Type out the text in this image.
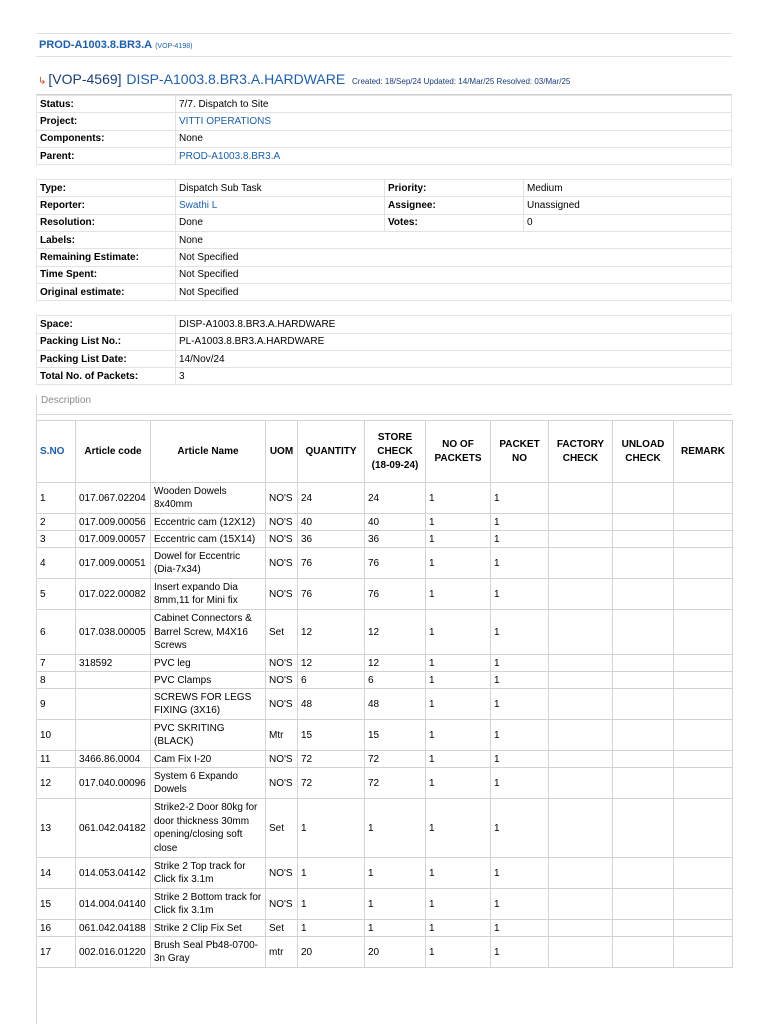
PROD-A1003.8.BR3.A (VOP-4198)
↳ [VOP-4569] DISP-A1003.8.BR3.A.HARDWARE Created: 18/Sep/24 Updated: 14/Mar/25 Resolved: 03/Mar/25
Status:	7/7. Dispatch to Site
Project:	VITTI OPERATIONS
Components:	None
Parent:	PROD-A1003.8.BR3.A
Type:	Dispatch Sub Task	Priority:	Medium
Reporter:	Swathi L	Assignee:	Unassigned
Resolution:	Done	Votes:	0
Labels:	None		
Remaining Estimate:	Not Specified		
Time Spent:	Not Specified		
Original estimate:	Not Specified		
Space:	DISP-A1003.8.BR3.A.HARDWARE
Packing List No.:	PL-A1003.8.BR3.A.HARDWARE
Packing List Date:	14/Nov/24
Total No. of Packets:	3
Description
S.NO	Article code	Article Name	UOM	QUANTITY	STORE CHECK (18-09-24)	NO OF PACKETS	PACKET NO	FACTORY CHECK	UNLOAD CHECK	REMARK
1	017.067.02204	Wooden Dowels 8x40mm	NO'S	24	24	1	1			
2	017.009.00056	Eccentric cam (12X12)	NO'S	40	40	1	1			
3	017.009.00057	Eccentric cam (15X14)	NO'S	36	36	1	1			
4	017.009.00051	Dowel for Eccentric (Dia-7x34)	NO'S	76	76	1	1			
5	017.022.00082	Insert expando Dia 8mm,11 for Mini fix	NO'S	76	76	1	1			
6	017.038.00005	Cabinet Connectors & Barrel Screw, M4X16 Screws	Set	12	12	1	1			
7	318592	PVC leg	NO'S	12	12	1	1			
8		PVC Clamps	NO'S	6	6	1	1			
9		SCREWS FOR LEGS FIXING (3X16)	NO'S	48	48	1	1			
10		PVC SKRITING (BLACK)	Mtr	15	15	1	1			
11	3466.86.0004	Cam Fix I-20	NO'S	72	72	1	1			
12	017.040.00096	System 6 Expando Dowels	NO'S	72	72	1	1			
13	061.042.04182	Strike2-2 Door 80kg for door thickness 30mm opening/closing soft close	Set	1	1	1	1			
14	014.053.04142	Strike 2 Top track for Click fix 3.1m	NO'S	1	1	1	1			
15	014.004.04140	Strike 2 Bottom track for Click fix 3.1m	NO'S	1	1	1	1			
16	061.042.04188	Strike 2 Clip Fix Set	Set	1	1	1	1			
17	002.016.01220	Brush Seal Pb48-0700-3n Gray	mtr	20	20	1	1			
